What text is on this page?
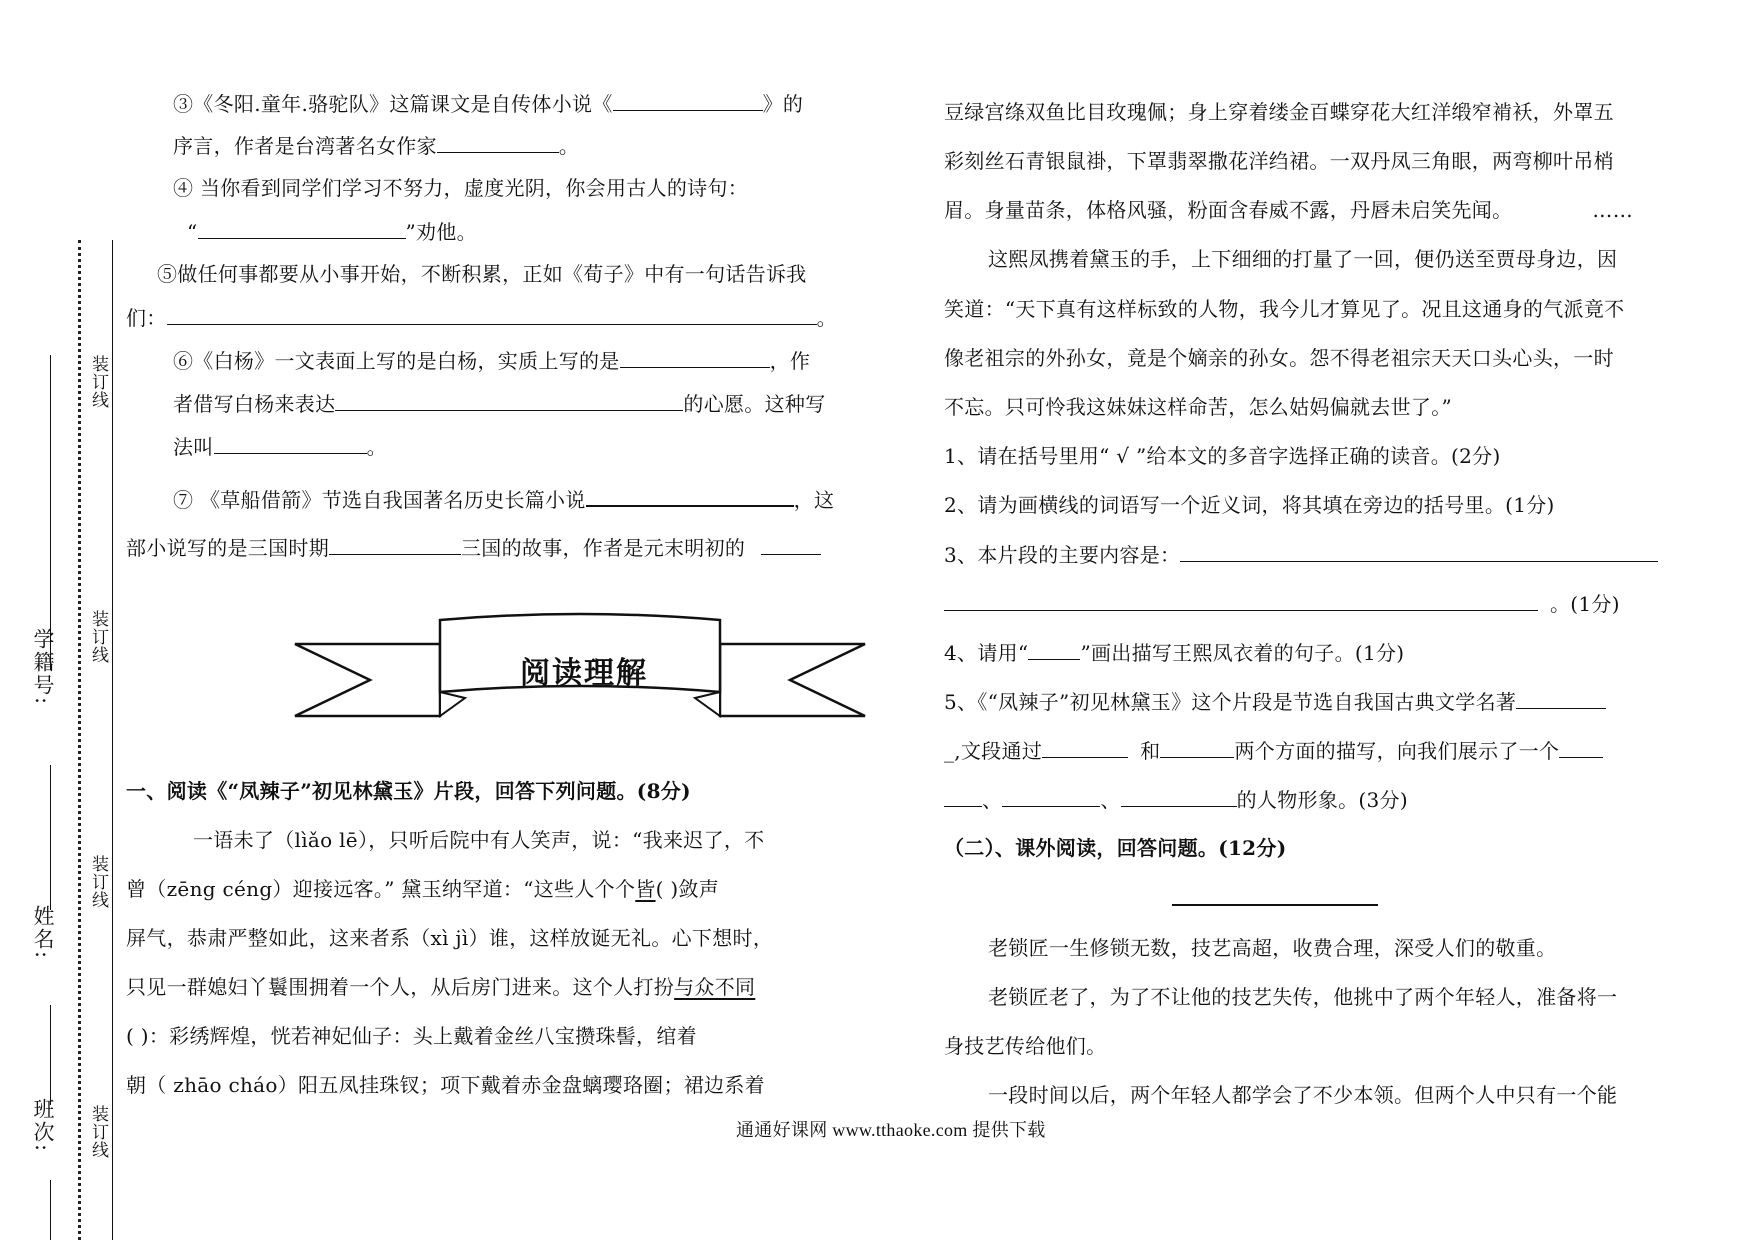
学籍号:
姓名:
班次:
装订线
装订线
装订线
装订线
③《冬阳.童年.骆驼队》这篇课文是自传体小说《	》的
序言，作者是台湾著名女作家	。
④ 当你看到同学们学习不努力，虚度光阴，你会用古人的诗句：
“	”劝他。
⑤做任何事都要从小事开始，不断积累，正如《荀子》中有一句话告诉我
们：	。
⑥《白杨》一文表面上写的是白杨，实质上写的是	，作
者借写白杨来表达	的心愿。这种写
法叫	。
⑦ 《草船借箭》节选自我国著名历史长篇小说	，这
部小说写的是三国时期	三国的故事，作者是元末明初的
阅读理解
一、阅读《“凤辣子”初见林黛玉》片段，回答下列问题。(8分)
一语未了（lìǎo lē），只听后院中有人笑声，说：“我来迟了，不
曾（zēng céng）迎接远客。” 黛玉纳罕道：“这些人个个皆( )敛声
屏气，恭肃严整如此，这来者系（xì jì）谁，这样放诞无礼。心下想时，
只见一群媳妇丫鬟围拥着一个人，从后房门进来。这个人打扮与众不同
( )：彩绣辉煌，恍若神妃仙子：头上戴着金丝八宝攒珠髻，绾着
朝（ zhāo cháo）阳五凤挂珠钗；项下戴着赤金盘螭璎珞圈；裙边系着
豆绿宫绦双鱼比目玫瑰佩；身上穿着缕金百蝶穿花大红洋缎窄褃袄，外罩五
彩刻丝石青银鼠褂，下罩翡翠撒花洋绉裙。一双丹凤三角眼，两弯柳叶吊梢
眉。身量苗条，体格风骚，粉面含春威不露，丹唇未启笑先闻。	……
这熙凤携着黛玉的手，上下细细的打量了一回，便仍送至贾母身边，因
笑道：“天下真有这样标致的人物，我今儿才算见了。况且这通身的气派竟不
像老祖宗的外孙女，竟是个嫡亲的孙女。怨不得老祖宗天天口头心头，一时
不忘。只可怜我这妹妹这样命苦，怎么姑妈偏就去世了。”
1、请在括号里用“ √ ”给本文的多音字选择正确的读音。(2分)
2、请为画横线的词语写一个近义词，将其填在旁边的括号里。(1分)
3、本片段的主要内容是：
。(1分)
4、请用“	”画出描写王熙凤衣着的句子。(1分)
5、《“凤辣子”初见林黛玉》这个片段是节选自我国古典文学名著
_,文段通过	和	两个方面的描写，向我们展示了一个
、	、	的人物形象。(3分)
（二）、课外阅读，回答问题。(12分)
老锁匠一生修锁无数，技艺高超，收费合理，深受人们的敬重。
老锁匠老了，为了不让他的技艺失传，他挑中了两个年轻人，准备将一
身技艺传给他们。
一段时间以后，两个年轻人都学会了不少本领。但两个人中只有一个能
通通好课网 www.tthaoke.com 提供下载
